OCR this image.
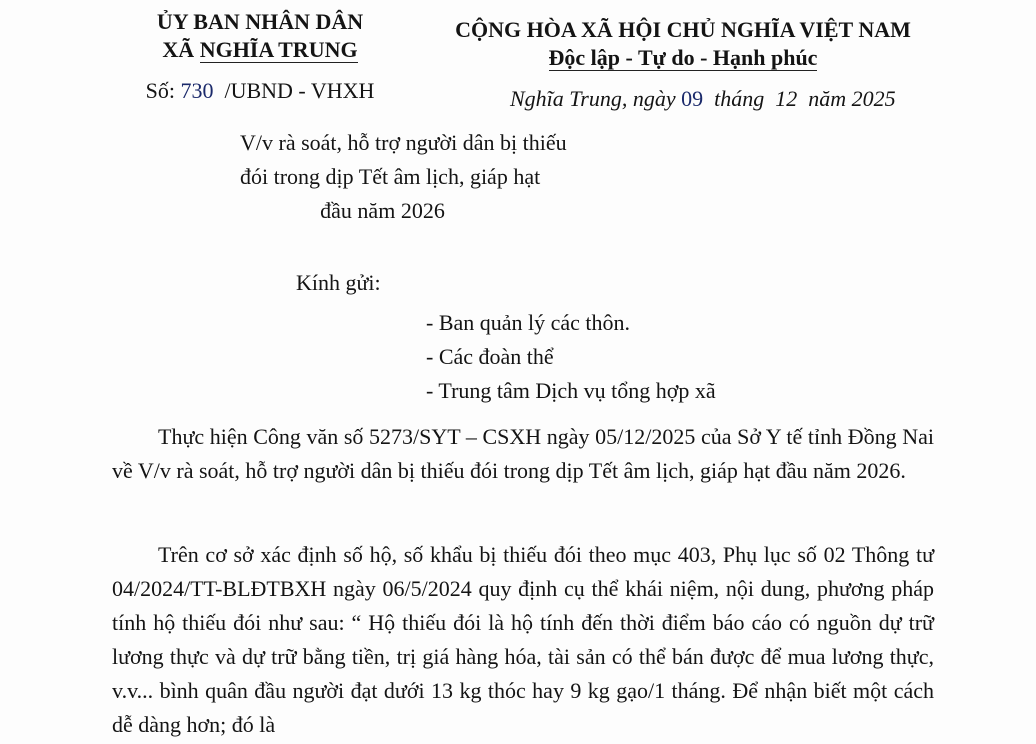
ỦY BAN NHÂN DÂN
XÃ NGHĨA TRUNG
Số: 730  /UBND - VHXH
CỘNG HÒA XÃ HỘI CHỦ NGHĨA VIỆT NAM
Độc lập - Tự do - Hạnh phúc
Nghĩa Trung, ngày 09  tháng  12  năm 2025
V/v rà soát, hỗ trợ người dân bị thiếu
đói trong dịp Tết âm lịch, giáp hạt
đầu năm 2026
Kính gửi:
- Ban quản lý các thôn.
- Các đoàn thể
- Trung tâm Dịch vụ tổng hợp xã

Thực hiện Công văn số 5273/SYT – CSXH ngày 05/12/2025 của Sở Y tế tỉnh Đồng Nai về V/v rà soát, hỗ trợ người dân bị thiếu đói trong dịp Tết âm lịch, giáp hạt đầu năm 2026.

Trên cơ sở xác định số hộ, số khẩu bị thiếu đói theo mục 403, Phụ lục số 02 Thông tư 04/2024/TT-BLĐTBXH ngày 06/5/2024 quy định cụ thể khái niệm, nội dung, phương pháp tính hộ thiếu đói như sau: “ Hộ thiếu đói là hộ tính đến thời điểm báo cáo có nguồn dự trữ lương thực và dự trữ bằng tiền, trị giá hàng hóa, tài sản có thể bán được để mua lương thực, v.v... bình quân đầu người đạt dưới 13 kg thóc hay 9 kg gạo/1 tháng. Để nhận biết một cách dễ dàng hơn; đó là
